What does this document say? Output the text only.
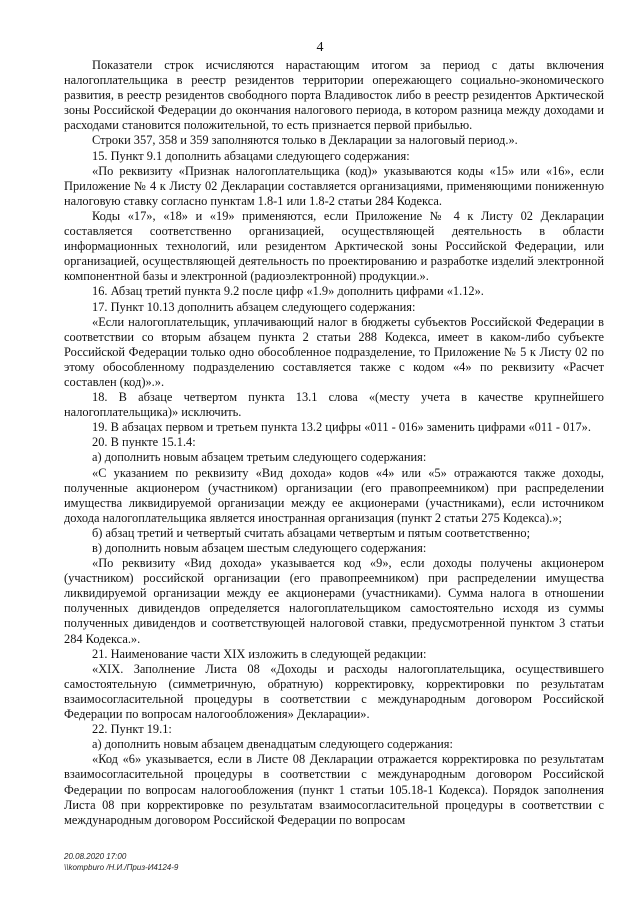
4

Показатели строк исчисляются нарастающим итогом за период с даты включения налогоплательщика в реестр резидентов территории опережающего социально-экономического развития, в реестр резидентов свободного порта Владивосток либо в реестр резидентов Арктической зоны Российской Федерации до окончания налогового периода, в котором разница между доходами и расходами становится положительной, то есть признается первой прибылью.

Строки 357, 358 и 359 заполняются только в Декларации за налоговый период.».

15. Пункт 9.1 дополнить абзацами следующего содержания:

«По реквизиту «Признак налогоплательщика (код)» указываются коды «15» или «16», если Приложение № 4 к Листу 02 Декларации составляется организациями, применяющими пониженную налоговую ставку согласно пунктам 1.8-1 или 1.8-2 статьи 284 Кодекса.

Коды «17», «18» и «19» применяются, если Приложение № 4 к Листу 02 Декларации составляется соответственно организацией, осуществляющей деятельность в области информационных технологий, или резидентом Арктической зоны Российской Федерации, или организацией, осуществляющей деятельность по проектированию и разработке изделий электронной компонентной базы и электронной (радиоэлектронной) продукции.».

16. Абзац третий пункта 9.2 после цифр «1.9» дополнить цифрами «1.12».

17. Пункт 10.13 дополнить абзацем следующего содержания:

«Если налогоплательщик, уплачивающий налог в бюджеты субъектов Российской Федерации в соответствии со вторым абзацем пункта 2 статьи 288 Кодекса, имеет в каком-либо субъекте Российской Федерации только одно обособленное подразделение, то Приложение № 5 к Листу 02 по этому обособленному подразделению составляется также с кодом «4» по реквизиту «Расчет составлен (код)».».

18. В абзаце четвертом пункта 13.1 слова «(месту учета в качестве крупнейшего налогоплательщика)» исключить.

19. В абзацах первом и третьем пункта 13.2 цифры «011 - 016» заменить цифрами «011 - 017».

20. В пункте 15.1.4:

а) дополнить новым абзацем третьим следующего содержания:

«С указанием по реквизиту «Вид дохода» кодов «4» или «5» отражаются также доходы, полученные акционером (участником) организации (его правопреемником) при распределении имущества ликвидируемой организации между ее акционерами (участниками), если источником дохода налогоплательщика является иностранная организация (пункт 2 статьи 275 Кодекса).»;

б) абзац третий и четвертый считать абзацами четвертым и пятым соответственно;

в) дополнить новым абзацем шестым следующего содержания:

«По реквизиту «Вид дохода» указывается код «9», если доходы получены акционером (участником) российской организации (его правопреемником) при распределении имущества ликвидируемой организации между ее акционерами (участниками). Сумма налога в отношении полученных дивидендов определяется налогоплательщиком самостоятельно исходя из суммы полученных дивидендов и соответствующей налоговой ставки, предусмотренной пунктом 3 статьи 284 Кодекса.».

21. Наименование части XIX изложить в следующей редакции:

«XIX. Заполнение Листа 08 «Доходы и расходы налогоплательщика, осуществившего самостоятельную (симметричную, обратную) корректировку, корректировки по результатам взаимосогласительной процедуры в соответствии с международным договором Российской Федерации по вопросам налогообложения» Декларации».

22. Пункт 19.1:

а) дополнить новым абзацем двенадцатым следующего содержания:

«Код «6» указывается, если в Листе 08 Декларации отражается корректировка по результатам взаимосогласительной процедуры в соответствии с международным договором Российской Федерации по вопросам налогообложения (пункт 1 статьи 105.18-1 Кодекса). Порядок заполнения Листа 08 при корректировке по результатам взаимосогласительной процедуры в соответствии с международным договором Российской Федерации по вопросам

20.08.2020 17:00
\\kompburo /Н.И./Приз-И4124-9
